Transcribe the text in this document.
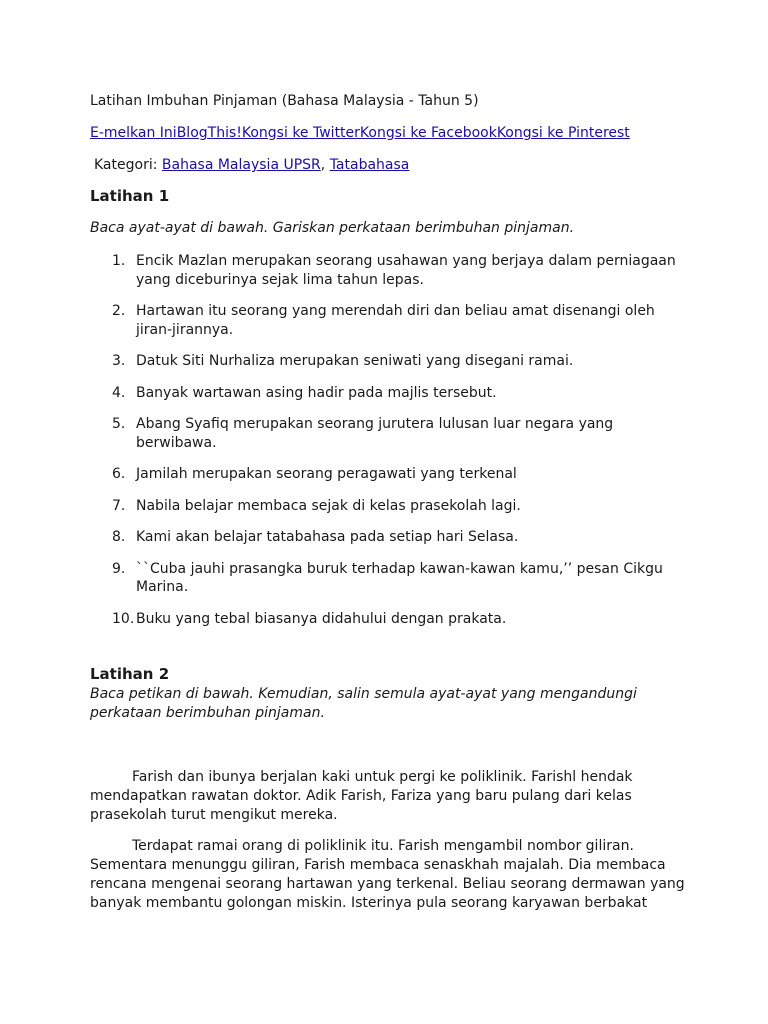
Latihan Imbuhan Pinjaman (Bahasa Malaysia - Tahun 5)
E-melkan IniBlogThis!Kongsi ke TwitterKongsi ke FacebookKongsi ke Pinterest
Kategori: Bahasa Malaysia UPSR, Tatabahasa
Latihan 1
Baca ayat-ayat di bawah. Gariskan perkataan berimbuhan pinjaman.
1. Encik Mazlan merupakan seorang usahawan yang berjaya dalam perniagaan yang diceburinya sejak lima tahun lepas.
2. Hartawan itu seorang yang merendah diri dan beliau amat disenangi oleh jiran-jirannya.
3. Datuk Siti Nurhaliza merupakan seniwati yang disegani ramai.
4. Banyak wartawan asing hadir pada majlis tersebut.
5. Abang Syafiq merupakan seorang jurutera lulusan luar negara yang berwibawa.
6. Jamilah merupakan seorang peragawati yang terkenal
7. Nabila belajar membaca sejak di kelas prasekolah lagi.
8. Kami akan belajar tatabahasa pada setiap hari Selasa.
9. ``Cuba jauhi prasangka buruk terhadap kawan-kawan kamu,’’ pesan Cikgu Marina.
10. Buku yang tebal biasanya didahului dengan prakata.
Latihan 2
Baca petikan di bawah. Kemudian, salin semula ayat-ayat yang mengandungi perkataan berimbuhan pinjaman.
Farish dan ibunya berjalan kaki untuk pergi ke poliklinik. Farishl hendak mendapatkan rawatan doktor. Adik Farish, Fariza yang baru pulang dari kelas prasekolah turut mengikut mereka.
Terdapat ramai orang di poliklinik itu. Farish mengambil nombor giliran. Sementara menunggu giliran, Farish membaca senaskhah majalah. Dia membaca rencana mengenai seorang hartawan yang terkenal. Beliau seorang dermawan yang banyak membantu golongan miskin. Isterinya pula seorang karyawan berbakat
